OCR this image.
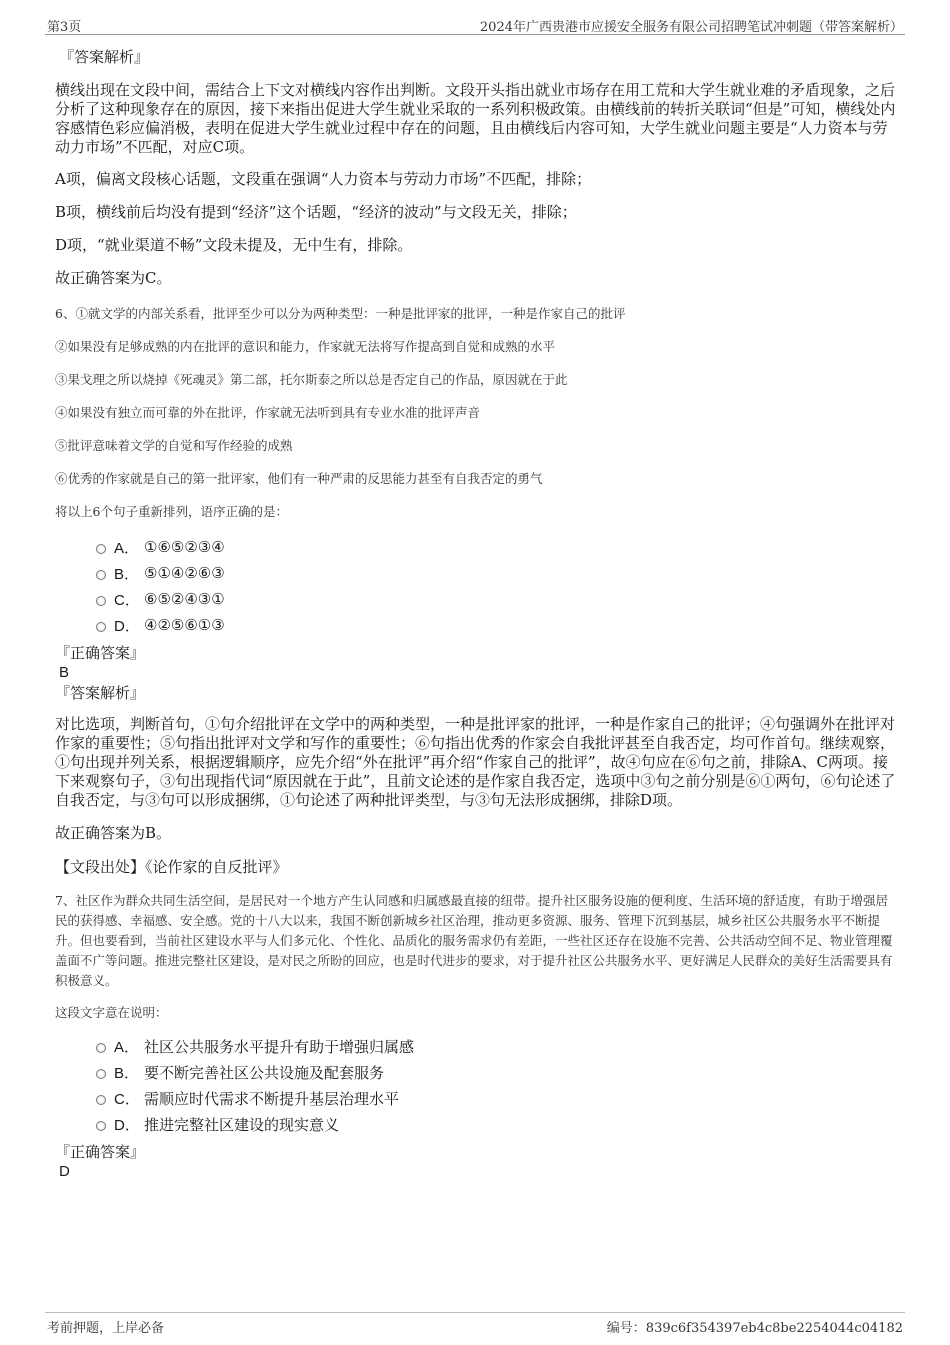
第3页	2024年广西贵港市应援安全服务有限公司招聘笔试冲刺题（带答案解析）

『答案解析』

横线出现在文段中间，需结合上下文对横线内容作出判断。文段开头指出就业市场存在用工荒和大学生就业难的矛盾现象，之后分析了这种现象存在的原因，接下来指出促进大学生就业采取的一系列积极政策。由横线前的转折关联词“但是”可知，横线处内容感情色彩应偏消极，表明在促进大学生就业过程中存在的问题，且由横线后内容可知，大学生就业问题主要是“人力资本与劳动力市场”不匹配，对应C项。

A项，偏离文段核心话题，文段重在强调“人力资本与劳动力市场”不匹配，排除；

B项，横线前后均没有提到“经济”这个话题，“经济的波动”与文段无关，排除；

D项，“就业渠道不畅”文段未提及，无中生有，排除。

故正确答案为C。

6、①就文学的内部关系看，批评至少可以分为两种类型：一种是批评家的批评，一种是作家自己的批评

②如果没有足够成熟的内在批评的意识和能力，作家就无法将写作提高到自觉和成熟的水平

③果戈理之所以烧掉《死魂灵》第二部，托尔斯泰之所以总是否定自己的作品，原因就在于此

④如果没有独立而可靠的外在批评，作家就无法听到具有专业水准的批评声音

⑤批评意味着文学的自觉和写作经验的成熟

⑥优秀的作家就是自己的第一批评家，他们有一种严肃的反思能力甚至有自我否定的勇气

将以上6个句子重新排列，语序正确的是：

A． ①⑥⑤②③④
B． ⑤①④②⑥③
C． ⑥⑤②④③①
D． ④②⑤⑥①③

『正确答案』

B

『答案解析』

对比选项，判断首句，①句介绍批评在文学中的两种类型，一种是批评家的批评，一种是作家自己的批评；④句强调外在批评对作家的重要性；⑤句指出批评对文学和写作的重要性；⑥句指出优秀的作家会自我批评甚至自我否定，均可作首句。继续观察，①句出现并列关系，根据逻辑顺序，应先介绍“外在批评”再介绍“作家自己的批评”，故④句应在⑥句之前，排除A、C两项。接下来观察句子，③句出现指代词“原因就在于此”，且前文论述的是作家自我否定，选项中③句之前分别是⑥①两句，⑥句论述了自我否定，与③句可以形成捆绑，①句论述了两种批评类型，与③句无法形成捆绑，排除D项。

故正确答案为B。

【文段出处】《论作家的自反批评》

7、社区作为群众共同生活空间，是居民对一个地方产生认同感和归属感最直接的纽带。提升社区服务设施的便利度、生活环境的舒适度，有助于增强居民的获得感、幸福感、安全感。党的十八大以来，我国不断创新城乡社区治理，推动更多资源、服务、管理下沉到基层，城乡社区公共服务水平不断提升。但也要看到，当前社区建设水平与人们多元化、个性化、品质化的服务需求仍有差距，一些社区还存在设施不完善、公共活动空间不足、物业管理覆盖面不广等问题。推进完整社区建设，是对民之所盼的回应，也是时代进步的要求，对于提升社区公共服务水平、更好满足人民群众的美好生活需要具有积极意义。

这段文字意在说明：

A． 社区公共服务水平提升有助于增强归属感
B． 要不断完善社区公共设施及配套服务
C． 需顺应时代需求不断提升基层治理水平
D． 推进完整社区建设的现实意义

『正确答案』

D

考前押题，上岸必备	编号：839c6f354397eb4c8be2254044c04182
